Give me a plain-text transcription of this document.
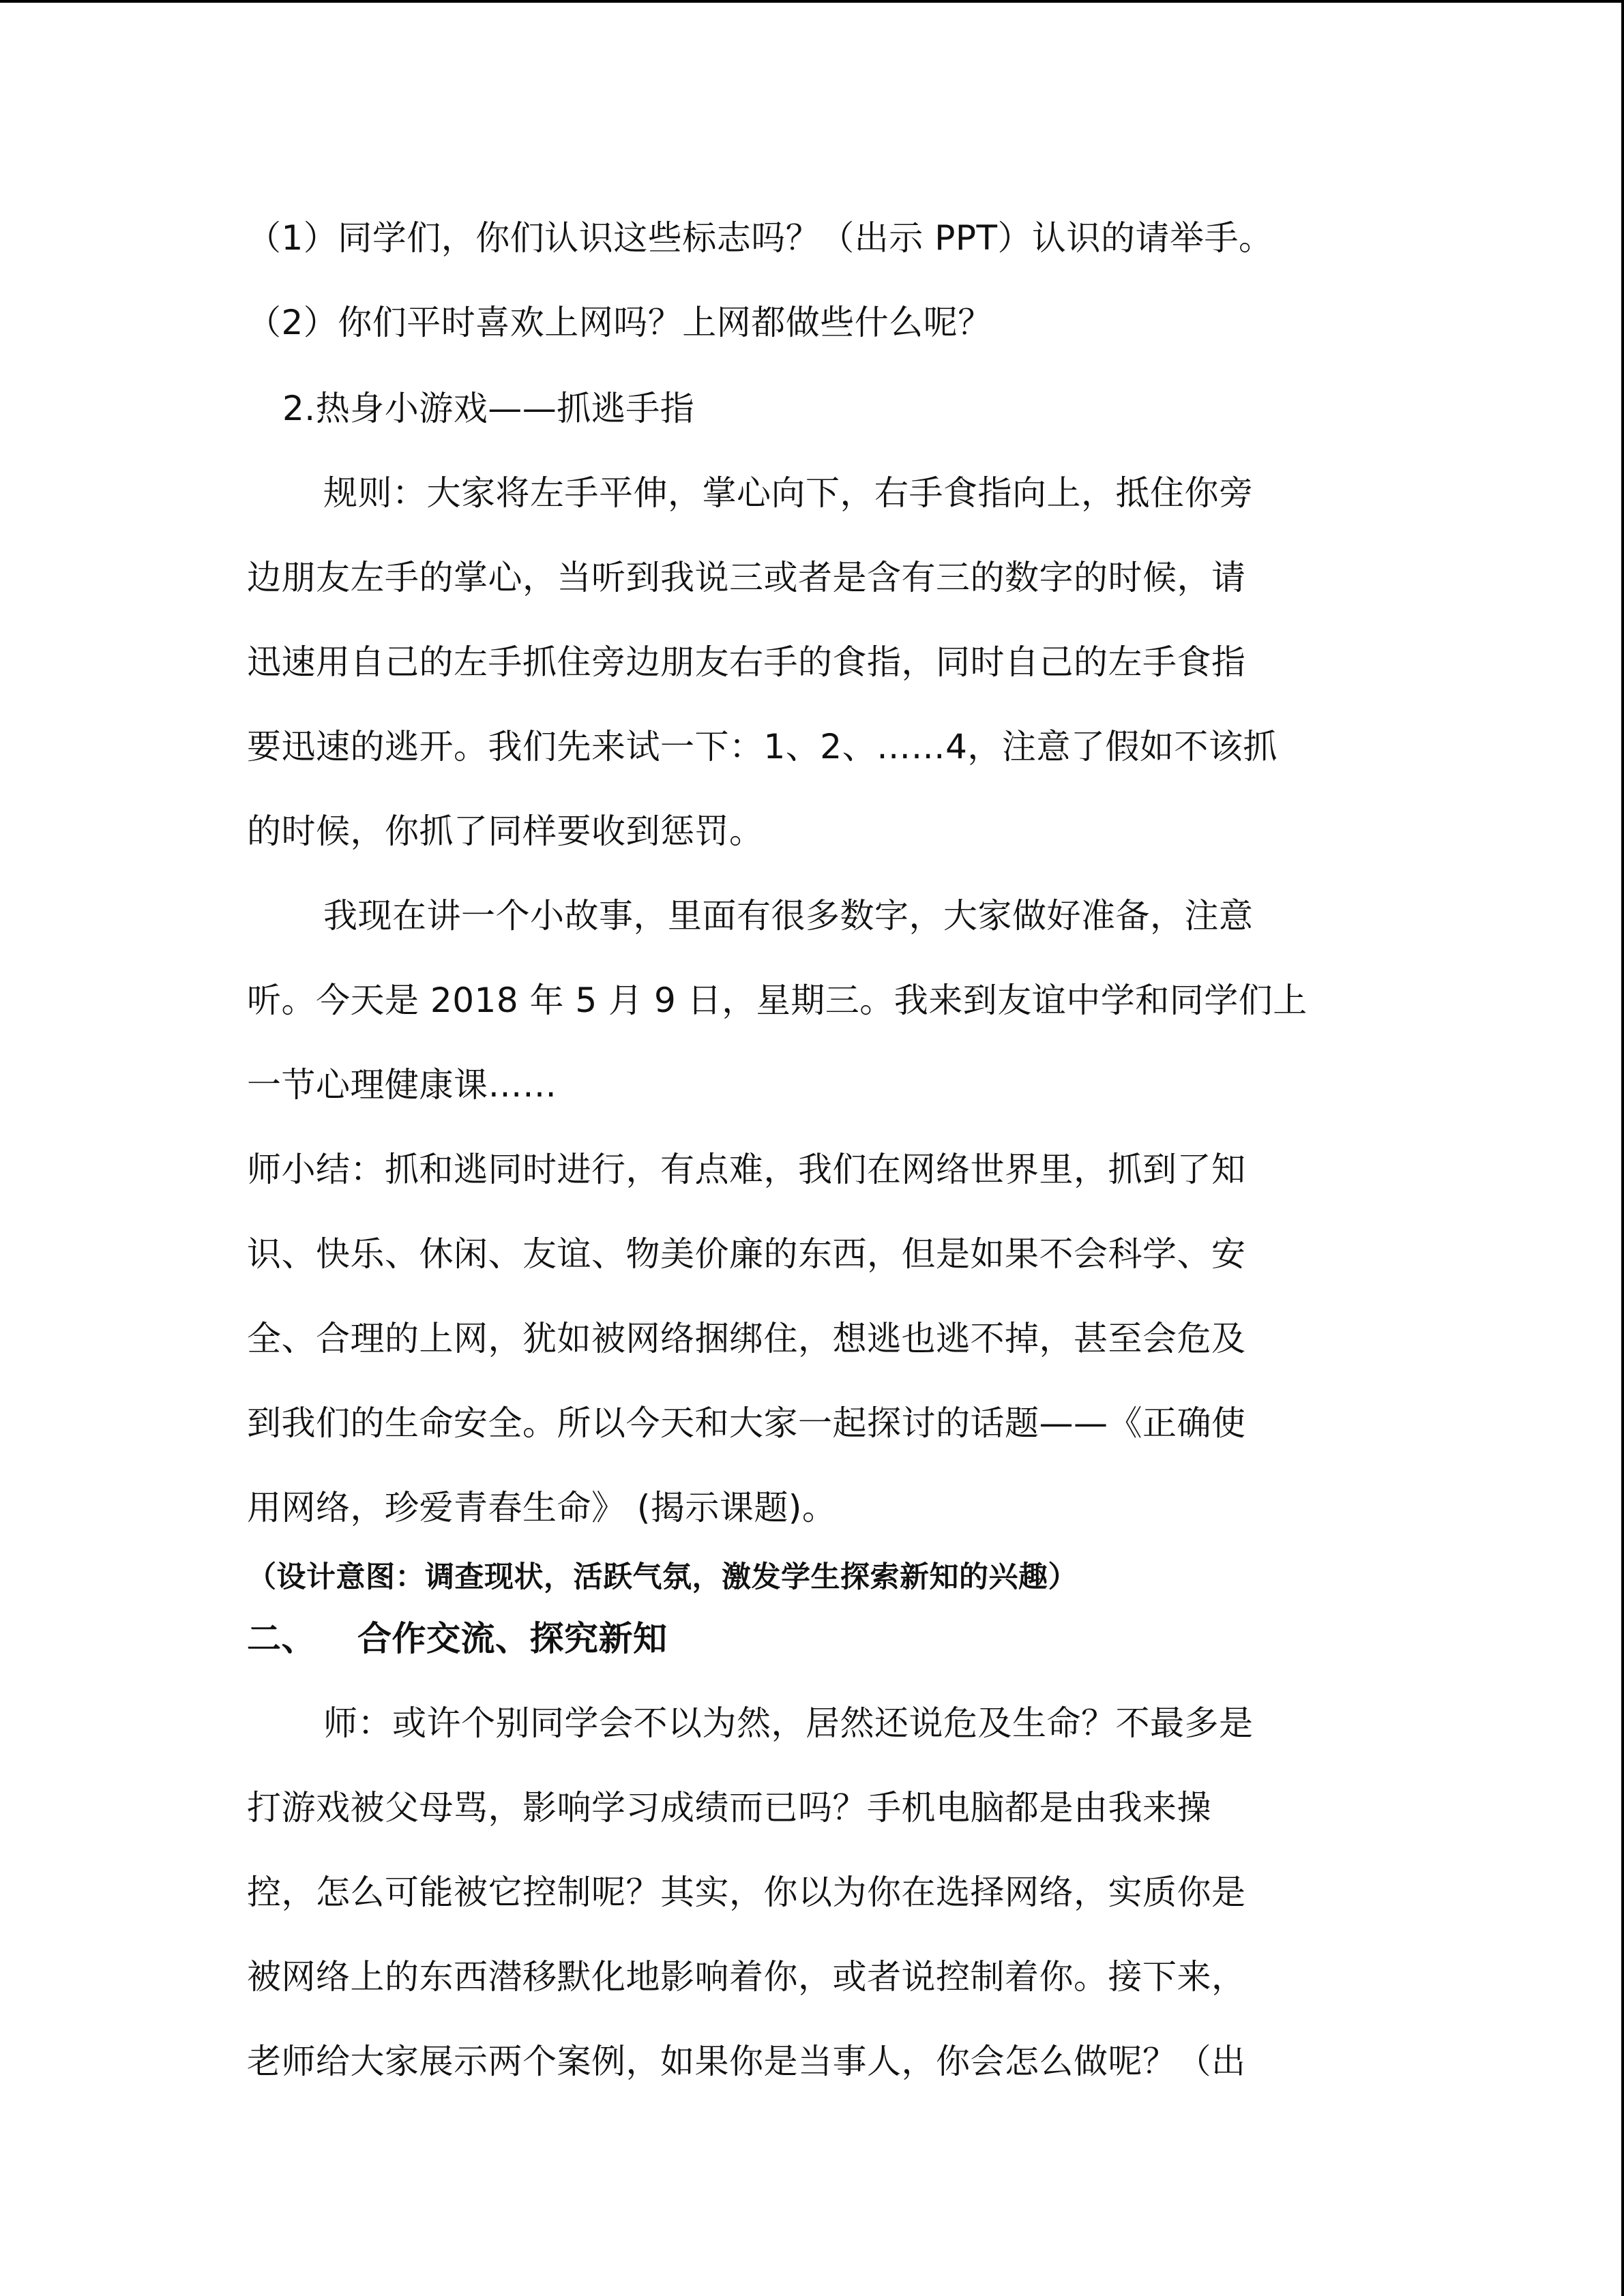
（1）同学们，你们认识这些标志吗？（出示 PPT）认识的请举手。
（2）你们平时喜欢上网吗？上网都做些什么呢？
2.热身小游戏——抓逃手指
规则：大家将左手平伸，掌心向下，右手食指向上，抵住你旁
边朋友左手的掌心，当听到我说三或者是含有三的数字的时候，请
迅速用自己的左手抓住旁边朋友右手的食指，同时自己的左手食指
要迅速的逃开。我们先来试一下：1、2、……4，注意了假如不该抓
的时候，你抓了同样要收到惩罚。
我现在讲一个小故事，里面有很多数字，大家做好准备，注意
听。今天是 2018 年 5 月 9 日，星期三。我来到友谊中学和同学们上
一节心理健康课……
师小结：抓和逃同时进行，有点难，我们在网络世界里，抓到了知
识、快乐、休闲、友谊、物美价廉的东西，但是如果不会科学、安
全、合理的上网，犹如被网络捆绑住，想逃也逃不掉，甚至会危及
到我们的生命安全。所以今天和大家一起探讨的话题——《正确使
用网络，珍爱青春生命》 (揭示课题)。
（设计意图：调查现状，活跃气氛，激发学生探索新知的兴趣）
二、 合作交流、探究新知
师：或许个别同学会不以为然，居然还说危及生命？不最多是
打游戏被父母骂，影响学习成绩而已吗？手机电脑都是由我来操
控，怎么可能被它控制呢？其实，你以为你在选择网络，实质你是
被网络上的东西潜移默化地影响着你，或者说控制着你。接下来，
老师给大家展示两个案例，如果你是当事人，你会怎么做呢？（出
